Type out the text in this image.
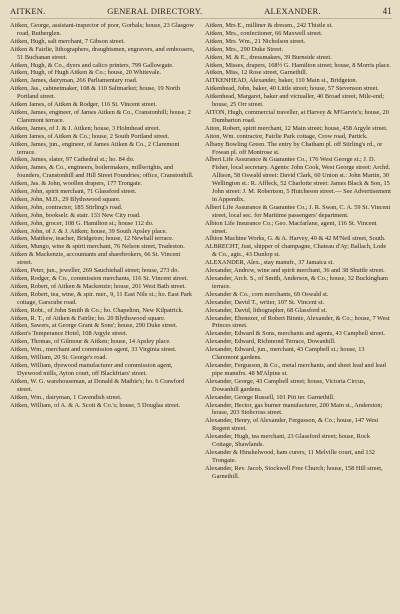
AITKEN.	GENERAL DIRECTORY.	ALEXANDER.	41
Aitken, George, assistant-inspector of poor, Gorbals; house, 23 Glasgow road, Rutherglen.
Aitken, Hugh, salt merchant, 7 Gibson street.
Aitken & Fairlie, lithographers, draughtsmen, engravers, and embossers, 51 Buchanan street.
Aitken, Hugh, & Co., dyers and calico printers, 799 Gallowgate.
Aitken, Hugh, of Hugh Aitken & Co.; house, 20 Whitevale.
Aitken, James, dairyman, 266 Parliamentary road.
Aitken, Jas., cabinetmaker, 108 & 110 Saltmarket; house, 19 North Portland street.
Aitken James, of Aitken & Rodger, 116 St. Vincent street.
Aitken, James, engineer, of James Aitken & Co., Cranstonhill; house, 2 Claremont terrace.
Aitken, James, of J. & J. Aitken; house, 3 Holmhead street.
Aitken James, of Aitken & Co.; house, 2 South Portland street.
Aitken, James, jun., engineer, of James Aitken & Co., 2 Claremont terrace.
Aitken, James, slater, 97 Cathedral st.; ho. 84 do.
Aitken, James, & Co., engineers, boilermakers, millwrights, and founders, Cranstonhill and Hill Street Foundries; office, Cranstonhill.
Aitken, Jas. & John, woollen drapers, 177 Trongate.
Aitken, John, spirit merchant, 71 Glassford street.
Aitken, John, M.D., 29 Blythswood square.
Aitken, John, contractor, 185 Stirling's road.
Aitken, John, bookselr. & statr. 133 New City road.
Aitken, John, grocer, 108 G. Hamilton st.; house 112 do.
Aitken, John, of J. & J. Aitken; house, 39 South Apsley place.
Aitken, Matthew, teacher, Bridgeton; house, 12 Newhall terrace.
Aitken, Mungo, wine & spirit merchant, 76 Nelson street, Tradeston.
Aitken & Mackenzie, accountants and sharebrokers, 66 St. Vincent street.
Aitken, Peter, jun., jeweller, 269 Sauchiehall street; house, 273 do.
Aitken, Rodger, & Co., commission merchants, 116 St. Vincent street.
Aitken, Robert, of Aitken & Mackenzie; house, 201 West Bath street.
Aitken, Robert, tea, wine, & spir. mer., 9, 11 East Nile st.; ho. East Park cottage, Garscube road.
Aitken, Robt., of John Smith & Co.; ho. Chapelton, New Kilpatrick.
Aitken, R. T., of Aitken & Fairlie; ho. 20 Blythswood square.
Aitken, Sawers, at George Grant & Sons'; house, 290 Duke street.
Aitken's Temperance Hotel, 108 Argyle street.
Aitken, Thomas, of Gilmour & Aitken; house, 14 Apsley place.
Aitken, Wm., merchant and commission agent, 33 Virginia street.
Aitken, William, 20 St. George's road.
Aitken, William, dyewood manufacturer and commission agent, Dyewood mills, Ayton court, off Blackfriars' street.
Aitken, W. G. warehouseman, at Donald & Mathie's; ho. 6 Crawford street.
Aitken, Wm., dairyman, 1 Cavendish street.
Aitken, William, of A. & A. Scott & Co.'s; house, 5 Douglas street.
Aitken, Mrs E., milliner & dressm., 242 Thistle st.
Aitken, Mrs., confectioner, 66 Maxwell street.
Aitken, Mrs. Wm., 21 Nicholson street.
Aitken, Mrs., 290 Duke Street.
Aitken, M. & E., dressmakers, 39 Burnside street.
Aitken, Misses, drapers, 168½ G. Hamilton street; house, 8 Morris place.
Aitken, Miss, 12 Rose street, Garnethill.
AITKENHEAD, Alexander, baker, 110 Main st., Bridgeton.
Aitkenhead, John, baker, 40 Little street; house, 57 Stevenson street.
Aitkenhead, Margaret, baker and victualler, 40 Broad street, Mile-end; house, 25 Orr street.
AITON, Hugh, commercial traveller, at Harvey & M'Garvie's; house, 20 Dumbarton road.
Aiton, Robert, spirit merchant, 12 Main street; house, 458 Argyle street.
Aiton, Wm. contractor, Fairlie Park cottage, Crow road, Partick.
Albany Bowling Green. The entry by Chatham pl. off Stirling's rd., or Fowan pl. off Montrose st.
Albert Life Assurance & Guarantee Co., 176 West George st.; J. D. Fisher, local secretary. Agents: John Cook, West George street: Archd. Allison, 58 Oswald street: David Clark, 60 Union st.: John Martin, 30 Wellington st.: R. Affleck, 52 Charlotte street: James Black & Son, 15 John street: J. M. Robertson, 5 Hutcheson street.— See Advertisement in Appendix.
Albert Life Assurance & Guarantee Co.; J. R. Swan, C. A. 59 St. Vincent street, local sec. for Maritime passengers' department.
Albion Life Insurance Co.; Geo. Macfarlane, agent, 116 St. Vincent street.
Albion Machine Works, G. & A. Harvey, 40 & 42 M'Neil street, South.
ALBRECHT, Just, shipper of champagne, Chateau d'Ay; Ballach, Lode & Co., agts., 43 Dunlop st.
ALEXANDER, Alex., stay manufr., 37 Jamaica st.
Alexander, Andrew, wine and spirit merchant, 36 and 38 Shuttle street.
Alexander, Arch. S., of Smith, Anderson, & Co.; house, 32 Buckingham terrace.
Alexander & Co., corn merchants, 69 Oswald st.
Alexander, David T., writer, 107 St. Vincent st.
Alexander, David, lithographer, 68 Glassford st.
Alexander, Ebenezer, of Robert Binnie, Alexander, & Co.; house, 7 West Princes street.
Alexander, Edward & Sons, merchants and agents, 43 Campbell street.
Alexander, Edward, Richmond Terrace, Dowanhill.
Alexander, Edward, jun., merchant, 43 Campbell st.; house, 13 Claremont gardens.
Alexander, Fergusson, & Co., metal merchants, and sheet lead and lead pipe manufrs. 48 M'Alpine st.
Alexander, George, 43 Campbell street; house, Victoria Circus, Dowanhill gardens.
Alexander, George Russell, 101 Pitt ter. Garnethill.
Alexander, Hector, gas burner manufacturer, 200 Main st., Anderston; house, 203 Stobcross street.
Alexander, Henry, of Alexander, Fergusson, & Co.; house, 147 West Regent street.
Alexander, Hugh, tea merchant, 23 Glassford street; house, Rock Cottage, Shawlands.
Alexander & Hinshelwood, ham curers, 11 Melville court, and 132 Trongate.
Alexander, Rev. Jacob, Stockwell Free Church; house, 158 Hill street, Garnethill.
